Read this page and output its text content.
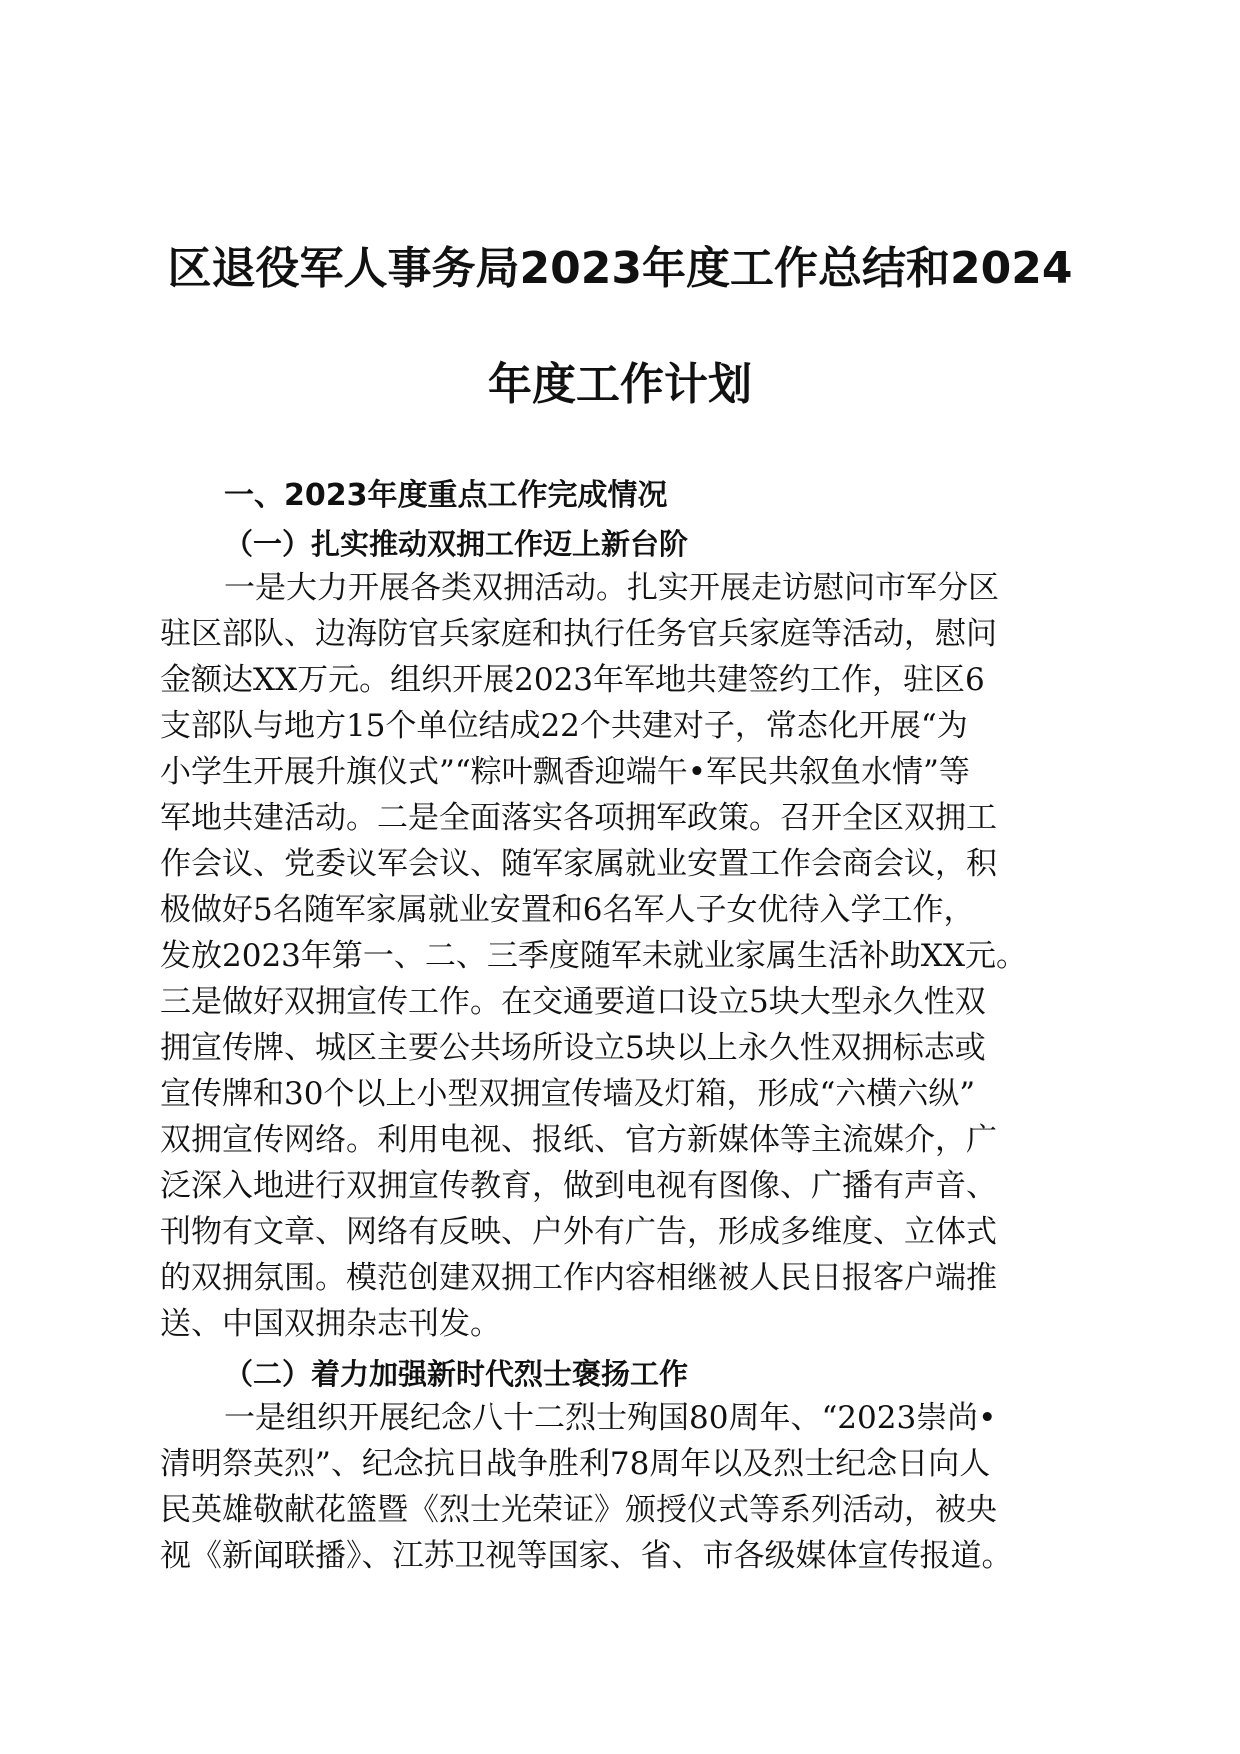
区退役军人事务局2023年度工作总结和2024
年度工作计划
一、2023年度重点工作完成情况
（一）扎实推动双拥工作迈上新台阶

一是大力开展各类双拥活动。扎实开展走访慰问市军分区

驻区部队、边海防官兵家庭和执行任务官兵家庭等活动，慰问

金额达XX万元。组织开展2023年军地共建签约工作，驻区6

支部队与地方15个单位结成22个共建对子，常态化开展“为

小学生开展升旗仪式”“粽叶飘香迎端午•军民共叙鱼水情”等

军地共建活动。二是全面落实各项拥军政策。召开全区双拥工

作会议、党委议军会议、随军家属就业安置工作会商会议，积

极做好5名随军家属就业安置和6名军人子女优待入学工作，

发放2023年第一、二、三季度随军未就业家属生活补助XX元。

三是做好双拥宣传工作。在交通要道口设立5块大型永久性双

拥宣传牌、城区主要公共场所设立5块以上永久性双拥标志或

宣传牌和30个以上小型双拥宣传墙及灯箱，形成“六横六纵”

双拥宣传网络。利用电视、报纸、官方新媒体等主流媒介，广

泛深入地进行双拥宣传教育，做到电视有图像、广播有声音、

刊物有文章、网络有反映、户外有广告，形成多维度、立体式

的双拥氛围。模范创建双拥工作内容相继被人民日报客户端推

送、中国双拥杂志刊发。

（二）着力加强新时代烈士褒扬工作

一是组织开展纪念八十二烈士殉国80周年、“2023崇尚•

清明祭英烈”、纪念抗日战争胜利78周年以及烈士纪念日向人

民英雄敬献花篮暨《烈士光荣证》颁授仪式等系列活动，被央

视《新闻联播》、江苏卫视等国家、省、市各级媒体宣传报道。
